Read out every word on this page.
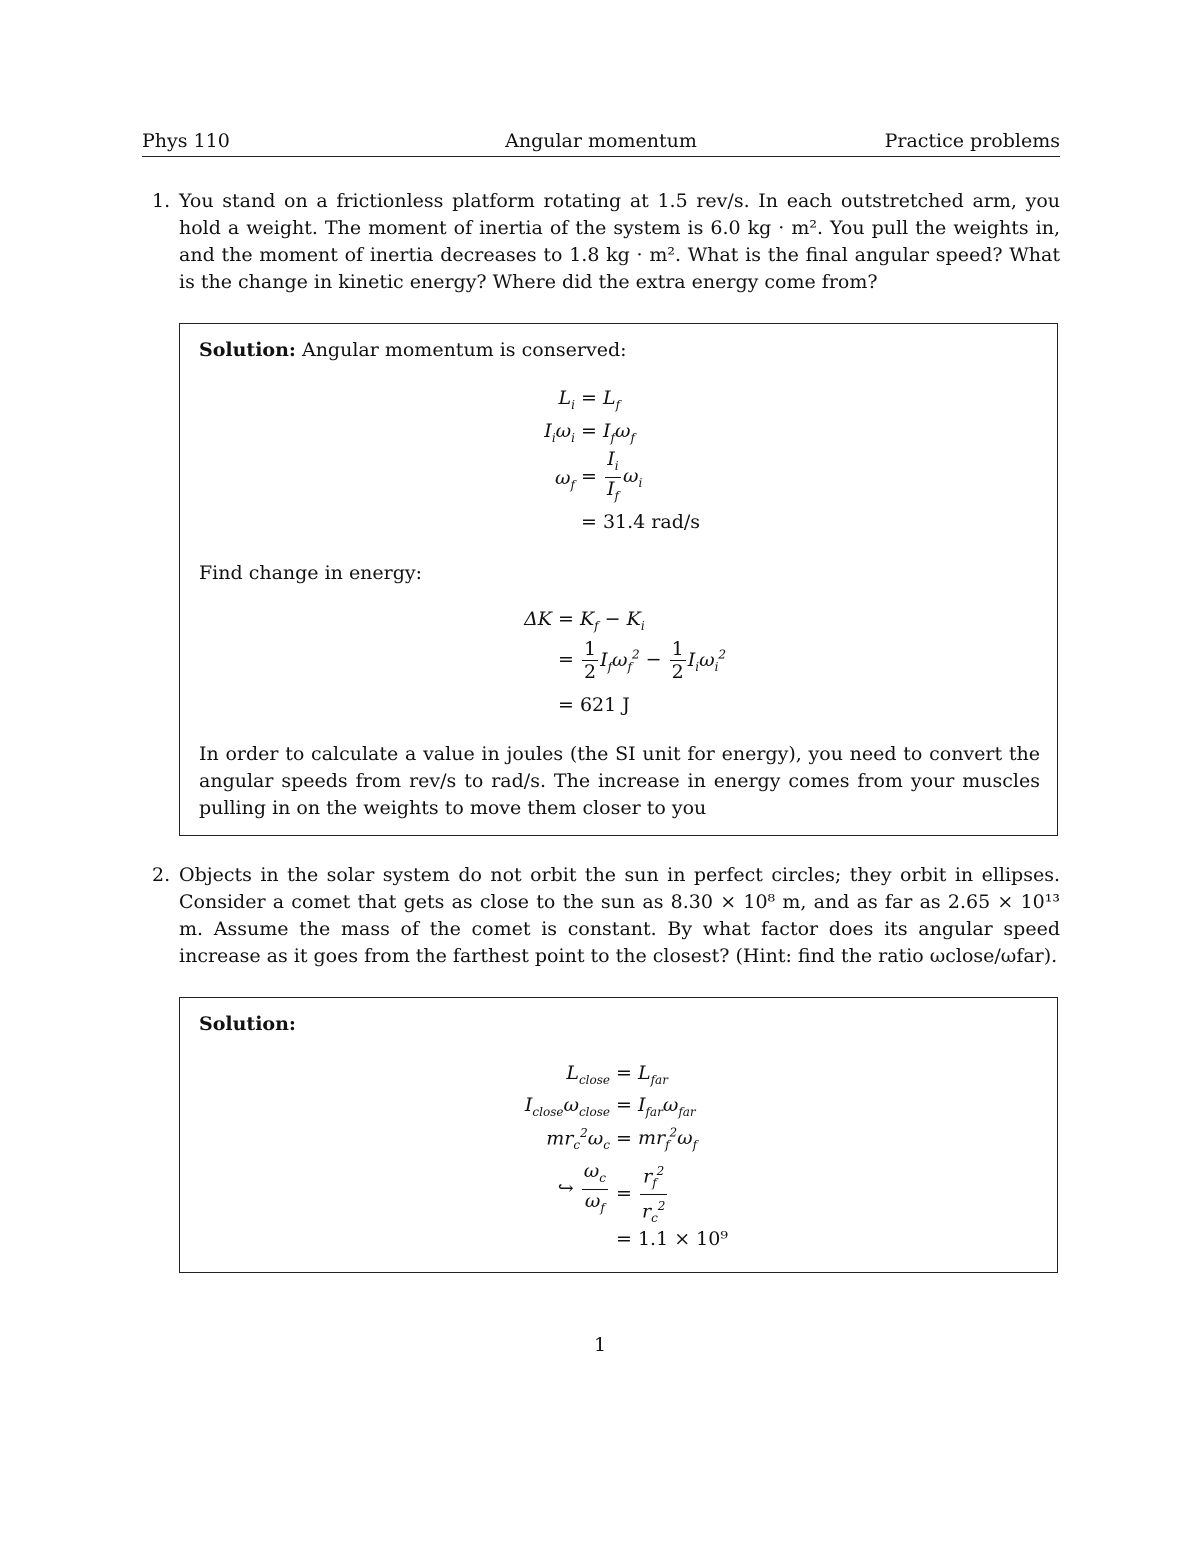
Phys 110	Angular momentum	Practice problems
1. You stand on a frictionless platform rotating at 1.5 rev/s. In each outstretched arm, you hold a weight. The moment of inertia of the system is 6.0 kg · m². You pull the weights in, and the moment of inertia decreases to 1.8 kg · m². What is the final angular speed? What is the change in kinetic energy? Where did the extra energy come from?
Solution: Angular momentum is conserved:
$L_i = L_f$
$I_i\omega_i = I_f\omega_f$
$\omega_f = \frac{I_i}{I_f} \omega_i$
= 31.4 rad/s
Find change in energy:
$\Delta K = K_f - K_i$
= $\frac{1}{2} I_f\omega_f^2 - \frac{1}{2} I_i\omega_i^2$
= 621 J
In order to calculate a value in joules (the SI unit for energy), you need to convert the angular speeds from rev/s to rad/s. The increase in energy comes from your muscles pulling in on the weights to move them closer to you
2. Objects in the solar system do not orbit the sun in perfect circles; they orbit in ellipses. Consider a comet that gets as close to the sun as 8.30 × 10⁸ m, and as far as 2.65 × 10¹³ m. Assume the mass of the comet is constant. By what factor does its angular speed increase as it goes from the farthest point to the closest? (Hint: find the ratio ωclose/ωfar).
Solution:
$L_{close} = L_{far}$
$I_{close}\omega_{close} = I_{far}\omega_{far}$
$mr_c^2\omega_c = mr_f^2\omega_f$
↪ $\frac{\omega_c}{\omega_f} = \frac{r_f^2}{r_c^2}$
= 1.1 × 10⁹
1
